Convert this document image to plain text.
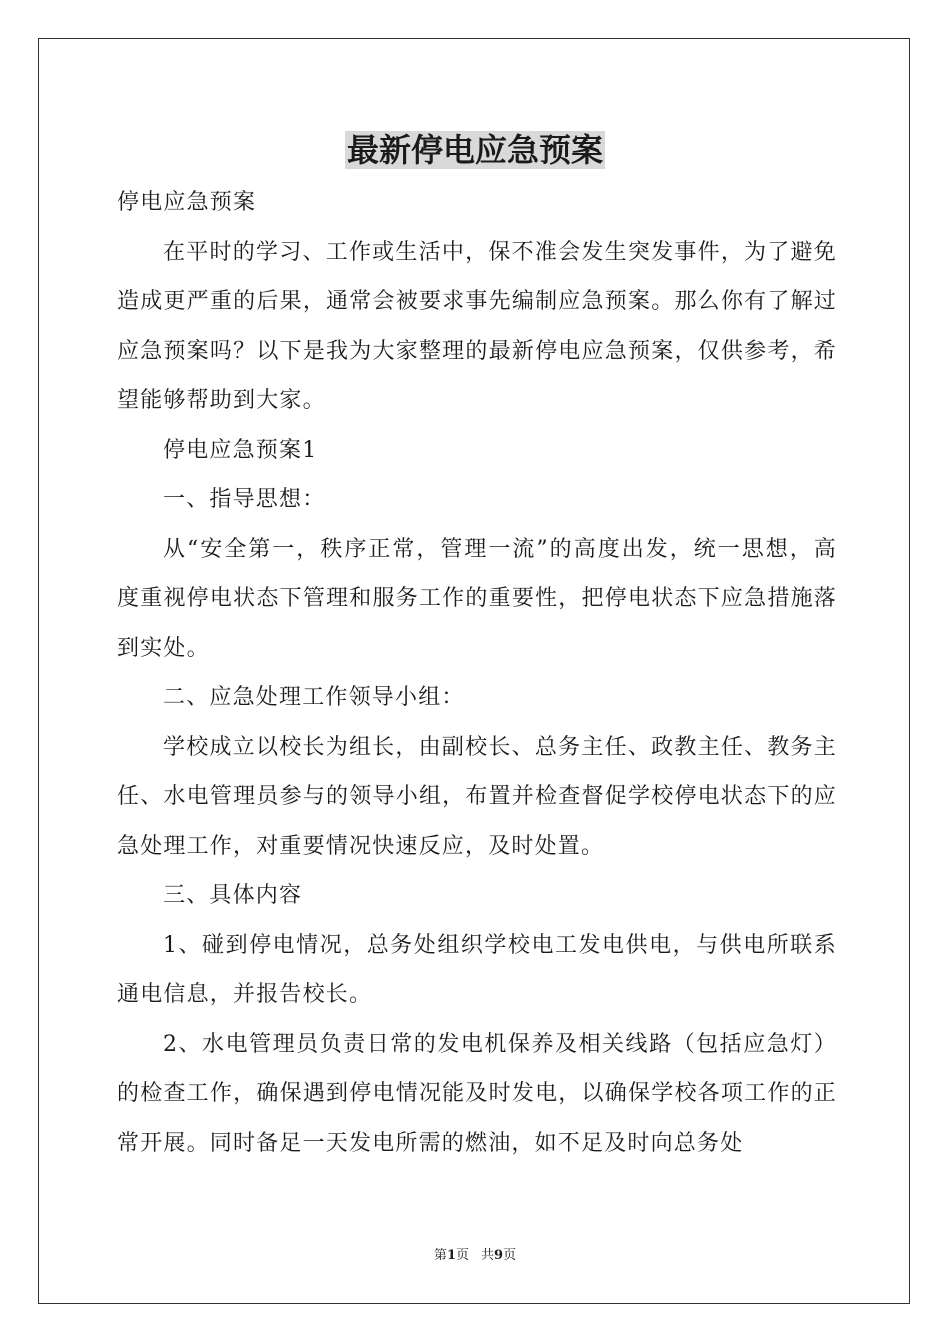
最新停电应急预案

停电应急预案

在平时的学习、工作或生活中，保不准会发生突发事件，为了避免造成更严重的后果，通常会被要求事先编制应急预案。那么你有了解过应急预案吗？以下是我为大家整理的最新停电应急预案，仅供参考，希望能够帮助到大家。

停电应急预案1

一、指导思想：

从“安全第一，秩序正常，管理一流”的高度出发，统一思想，高度重视停电状态下管理和服务工作的重要性，把停电状态下应急措施落到实处。

二、应急处理工作领导小组：

学校成立以校长为组长，由副校长、总务主任、政教主任、教务主任、水电管理员参与的领导小组，布置并检查督促学校停电状态下的应急处理工作，对重要情况快速反应，及时处置。

三、具体内容

1、碰到停电情况，总务处组织学校电工发电供电，与供电所联系通电信息，并报告校长。

2、水电管理员负责日常的发电机保养及相关线路（包括应急灯）的检查工作，确保遇到停电情况能及时发电，以确保学校各项工作的正常开展。同时备足一天发电所需的燃油，如不足及时向总务处

第1页 共9页
